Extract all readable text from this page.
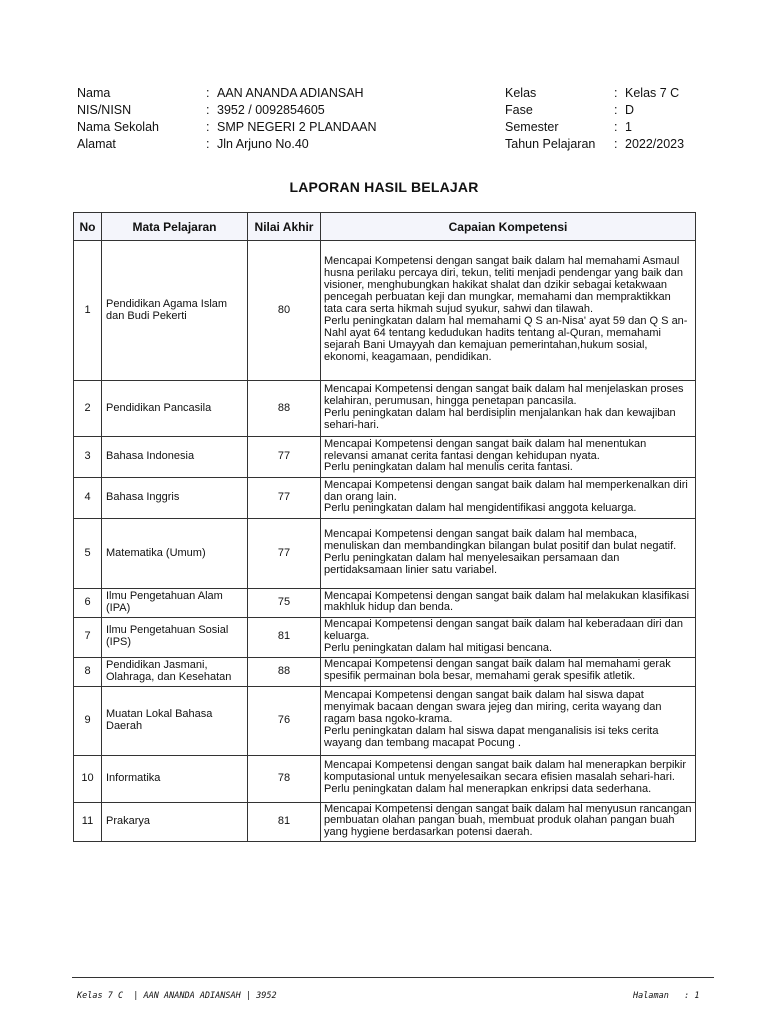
Nama	: AAN ANANDA ADIANSAH
NIS/NISN	: 3952 / 0092854605
Nama Sekolah	: SMP NEGERI 2 PLANDAAN
Alamat	: Jln Arjuno No.40
Kelas	: Kelas 7 C
Fase	: D
Semester	: 1
Tahun Pelajaran	: 2022/2023
LAPORAN HASIL BELAJAR
No	Mata Pelajaran	Nilai Akhir	Capaian Kompetensi
1	Pendidikan Agama Islam dan Budi Pekerti	80	Mencapai Kompetensi dengan sangat baik dalam hal memahami Asmaul husna perilaku percaya diri, tekun, teliti menjadi pendengar yang baik dan visioner, menghubungkan hakikat shalat dan dzikir sebagai ketakwaan pencegah perbuatan keji dan mungkar, memahami dan mempraktikkan tata cara serta hikmah sujud syukur, sahwi dan tilawah.
Perlu peningkatan dalam hal memahami Q S an-Nisa' ayat 59 dan Q S an-Nahl ayat 64 tentang kedudukan hadits tentang al-Quran, memahami sejarah Bani Umayyah dan kemajuan pemerintahan,hukum sosial, ekonomi, keagamaan, pendidikan.

2	Pendidikan Pancasila	88	Mencapai Kompetensi dengan sangat baik dalam hal menjelaskan proses kelahiran, perumusan, hingga penetapan pancasila.
Perlu peningkatan dalam hal berdisiplin menjalankan hak dan kewajiban sehari-hari.

3	Bahasa Indonesia	77	Mencapai Kompetensi dengan sangat baik dalam hal menentukan relevansi amanat cerita fantasi dengan kehidupan nyata.
Perlu peningkatan dalam hal menulis cerita fantasi.

4	Bahasa Inggris	77	Mencapai Kompetensi dengan sangat baik dalam hal memperkenalkan diri dan orang lain.
Perlu peningkatan dalam hal mengidentifikasi anggota keluarga.

5	Matematika (Umum)	77	Mencapai Kompetensi dengan sangat baik dalam hal membaca, menuliskan dan membandingkan bilangan bulat positif dan bulat negatif.
Perlu peningkatan dalam hal menyelesaikan persamaan dan pertidaksamaan linier satu variabel.

6	Ilmu Pengetahuan Alam (IPA)	75	Mencapai Kompetensi dengan sangat baik dalam hal melakukan klasifikasi makhluk hidup dan benda.

7	Ilmu Pengetahuan Sosial (IPS)	81	Mencapai Kompetensi dengan sangat baik dalam hal keberadaan diri dan keluarga.
Perlu peningkatan dalam hal mitigasi bencana.

8	Pendidikan Jasmani, Olahraga, dan Kesehatan	88	Mencapai Kompetensi dengan sangat baik dalam hal memahami gerak spesifik permainan bola besar, memahami gerak spesifik atletik.

9	Muatan Lokal Bahasa Daerah	76	Mencapai Kompetensi dengan sangat baik dalam hal siswa dapat menyimak bacaan dengan swara jejeg dan miring, cerita wayang dan ragam basa ngoko-krama.
Perlu peningkatan dalam hal siswa dapat menganalisis isi teks cerita wayang dan tembang macapat Pocung .

10	Informatika	78	Mencapai Kompetensi dengan sangat baik dalam hal menerapkan berpikir komputasional untuk menyelesaikan secara efisien masalah sehari-hari.
Perlu peningkatan dalam hal menerapkan enkripsi data sederhana.

11	Prakarya	81	Mencapai Kompetensi dengan sangat baik dalam hal menyusun rancangan pembuatan olahan pangan buah, membuat produk olahan pangan buah yang hygiene berdasarkan potensi daerah.
Kelas 7 C  | AAN ANANDA ADIANSAH | 3952	Halaman   : 1
